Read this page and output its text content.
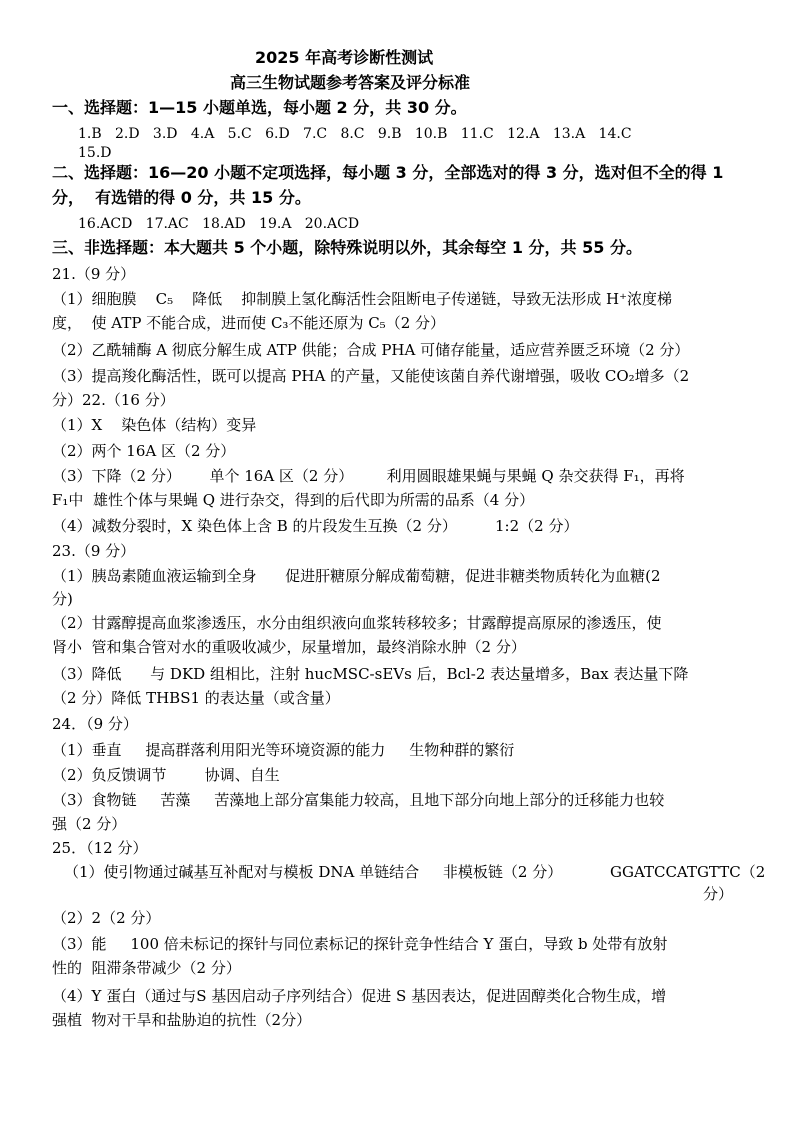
2025 年高考诊断性测试
高三生物试题参考答案及评分标准
一、选择题：1—15 小题单选，每小题 2 分，共 30 分。
1.B   2.D   3.D   4.A   5.C   6.D   7.C   8.C   9.B   10.B   11.C   12.A   13.A   14.C
15.D
二、选择题：16—20 小题不定项选择，每小题 3 分，全部选对的得 3 分，选对但不全的得 1
分，  有选错的得 0 分，共 15 分。
16.ACD   17.AC   18.AD   19.A   20.ACD
三、非选择题：本大题共 5 个小题，除特殊说明以外，其余每空 1 分，共 55 分。
21.（9 分）
（1）细胞膜    C₅    降低    抑制膜上氢化酶活性会阻断电子传递链，导致无法形成 H⁺浓度梯
度，  使 ATP 不能合成，进而使 C₃不能还原为 C₅（2 分）
（2）乙酰辅酶 A 彻底分解生成 ATP 供能；合成 PHA 可储存能量，适应营养匮乏环境（2 分）
（3）提高羧化酶活性，既可以提高 PHA 的产量，又能使该菌自养代谢增强，吸收 CO₂增多（2
分）22.（16 分）
（1）X    染色体（结构）变异
（2）两个 16A 区（2 分）
（3）下降（2 分）      单个 16A 区（2 分）       利用圆眼雄果蝇与果蝇 Q 杂交获得 F₁，再将
F₁中  雄性个体与果蝇 Q 进行杂交，得到的后代即为所需的品系（4 分）
（4）减数分裂时，X 染色体上含 B 的片段发生互换（2 分）        1:2（2 分）
23.（9 分）
（1）胰岛素随血液运输到全身      促进肝糖原分解成葡萄糖，促进非糖类物质转化为血糖(2
分)
（2）甘露醇提高血浆渗透压，水分由组织液向血浆转移较多；甘露醇提高原尿的渗透压，使
肾小  管和集合管对水的重吸收减少，尿量增加，最终消除水肿（2 分）
（3）降低      与 DKD 组相比，注射 hucMSC-sEVs 后，Bcl-2 表达量增多，Bax 表达量下降
（2 分）降低 THBS1 的表达量（或含量）
24．（9 分）
（1）垂直     提高群落利用阳光等环境资源的能力     生物种群的繁衍
（2）负反馈调节        协调、自生
（3）食物链     苦藻     苦藻地上部分富集能力较高，且地下部分向地上部分的迁移能力也较
强（2 分）
25．（12 分）
（1）使引物通过碱基互补配对与模板 DNA 单链结合     非模板链（2 分）	GGATCCATGTTC（2
分）
（2）2（2 分）
（3）能     100 倍未标记的探针与同位素标记的探针竞争性结合 Y 蛋白，导致 b 处带有放射
性的  阻滞条带减少（2 分）
（4）Y 蛋白（通过与S 基因启动子序列结合）促进 S 基因表达，促进固醇类化合物生成，增
强植  物对干旱和盐胁迫的抗性（2分）
